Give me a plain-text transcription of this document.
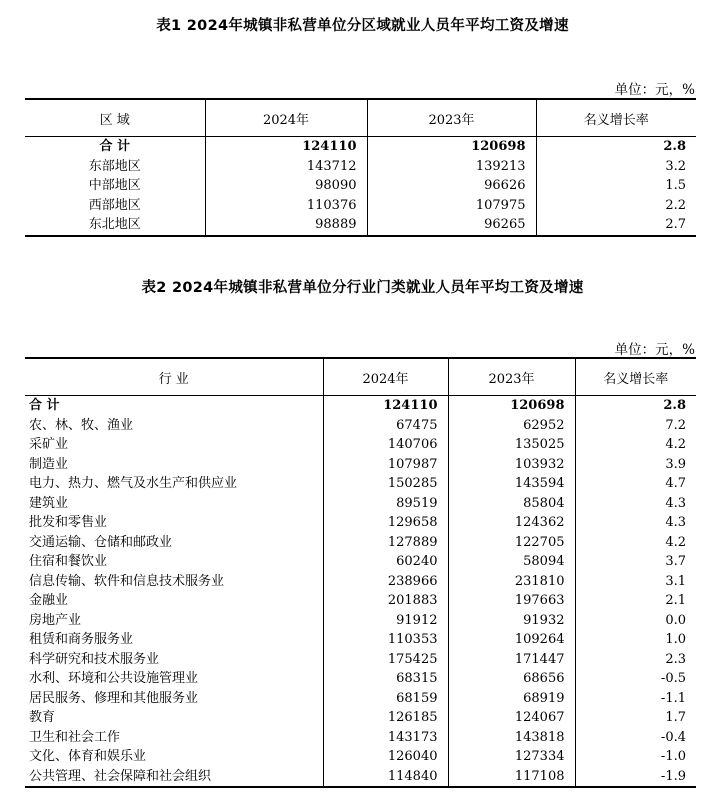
表1 2024年城镇非私营单位分区域就业人员年平均工资及增速
单位：元，%
区 域	2024年	2023年	名义增长率
合 计	124110	120698	2.8
东部地区	143712	139213	3.2
中部地区	98090	96626	1.5
西部地区	110376	107975	2.2
东北地区	98889	96265	2.7
表2 2024年城镇非私营单位分行业门类就业人员年平均工资及增速
单位：元，%
行 业	2024年	2023年	名义增长率
合 计	124110	120698	2.8
农、林、牧、渔业	67475	62952	7.2
采矿业	140706	135025	4.2
制造业	107987	103932	3.9
电力、热力、燃气及水生产和供应业	150285	143594	4.7
建筑业	89519	85804	4.3
批发和零售业	129658	124362	4.3
交通运输、仓储和邮政业	127889	122705	4.2
住宿和餐饮业	60240	58094	3.7
信息传输、软件和信息技术服务业	238966	231810	3.1
金融业	201883	197663	2.1
房地产业	91912	91932	0.0
租赁和商务服务业	110353	109264	1.0
科学研究和技术服务业	175425	171447	2.3
水利、环境和公共设施管理业	68315	68656	-0.5
居民服务、修理和其他服务业	68159	68919	-1.1
教育	126185	124067	1.7
卫生和社会工作	143173	143818	-0.4
文化、体育和娱乐业	126040	127334	-1.0
公共管理、社会保障和社会组织	114840	117108	-1.9
